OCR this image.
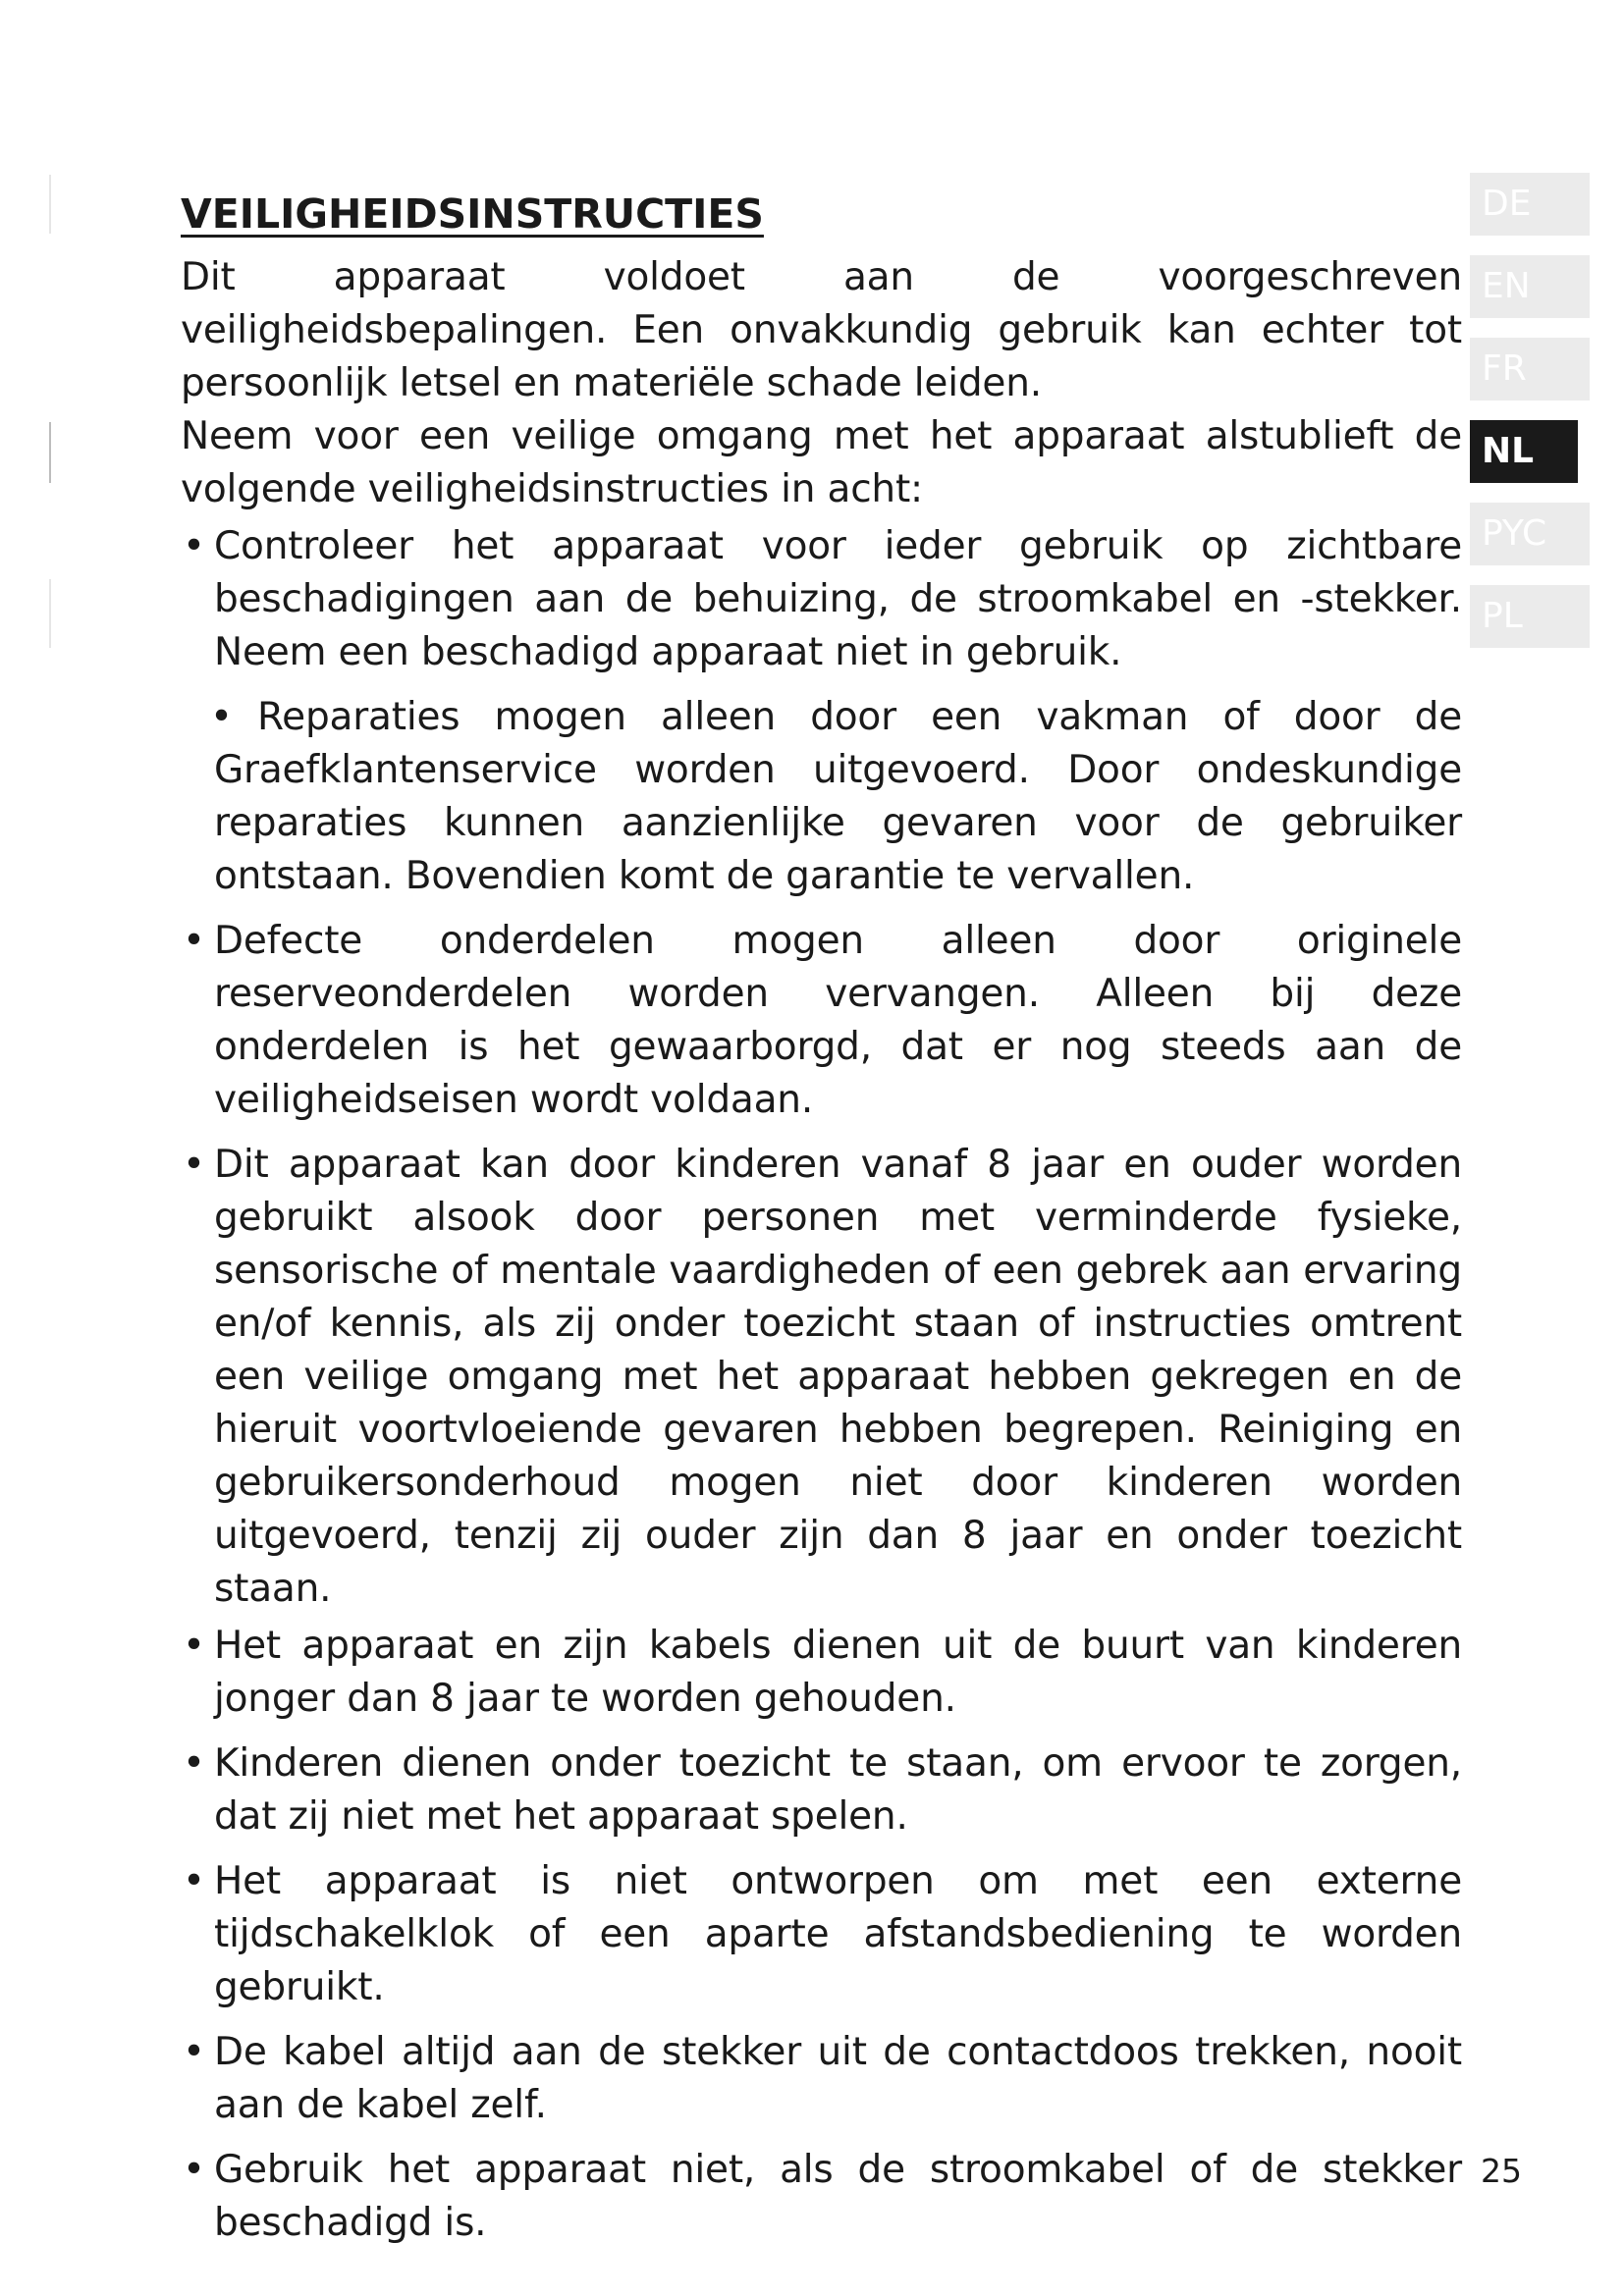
VEILIGHEIDSINSTRUCTIES

Dit apparaat voldoet aan de voorgeschreven veiligheidsbepalingen. Een onvakkundig gebruik kan echter tot persoonlijk letsel en materiële schade leiden.

Neem voor een veilige omgang met het apparaat alstublieft de volgende veiligheidsinstructies in acht:

• Controleer het apparaat voor ieder gebruik op zichtbare beschadigingen aan de behuizing, de stroomkabel en -stekker. Neem een beschadigd apparaat niet in gebruik.
• Reparaties mogen alleen door een vakman of door de Graefklantenservice worden uitgevoerd. Door ondeskundige reparaties kunnen aanzienlijke gevaren voor de gebruiker ontstaan. Bovendien komt de garantie te vervallen.
• Defecte onderdelen mogen alleen door originele reserveonderdelen worden vervangen. Alleen bij deze onderdelen is het gewaarborgd, dat er nog steeds aan de veiligheidseisen wordt voldaan.
• Dit apparaat kan door kinderen vanaf 8 jaar en ouder worden gebruikt alsook door personen met verminderde fysieke, sensorische of mentale vaardigheden of een gebrek aan ervaring en/of kennis, als zij onder toezicht staan of instructies omtrent een veilige omgang met het apparaat hebben gekregen en de hieruit voortvloeiende gevaren hebben begrepen. Reiniging en gebruikersonderhoud mogen niet door kinderen worden uitgevoerd, tenzij zij ouder zijn dan 8 jaar en onder toezicht staan.
• Het apparaat en zijn kabels dienen uit de buurt van kinderen jonger dan 8 jaar te worden gehouden.
• Kinderen dienen onder toezicht te staan, om ervoor te zorgen, dat zij niet met het apparaat spelen.
• Het apparaat is niet ontworpen om met een externe tijdschakelklok of een aparte afstandsbediening te worden gebruikt.
• De kabel altijd aan de stekker uit de contactdoos trekken, nooit aan de kabel zelf.
• Gebruik het apparaat niet, als de stroomkabel of de stekker beschadigd is.
DE
EN
FR
NL
PYC
PL
25
